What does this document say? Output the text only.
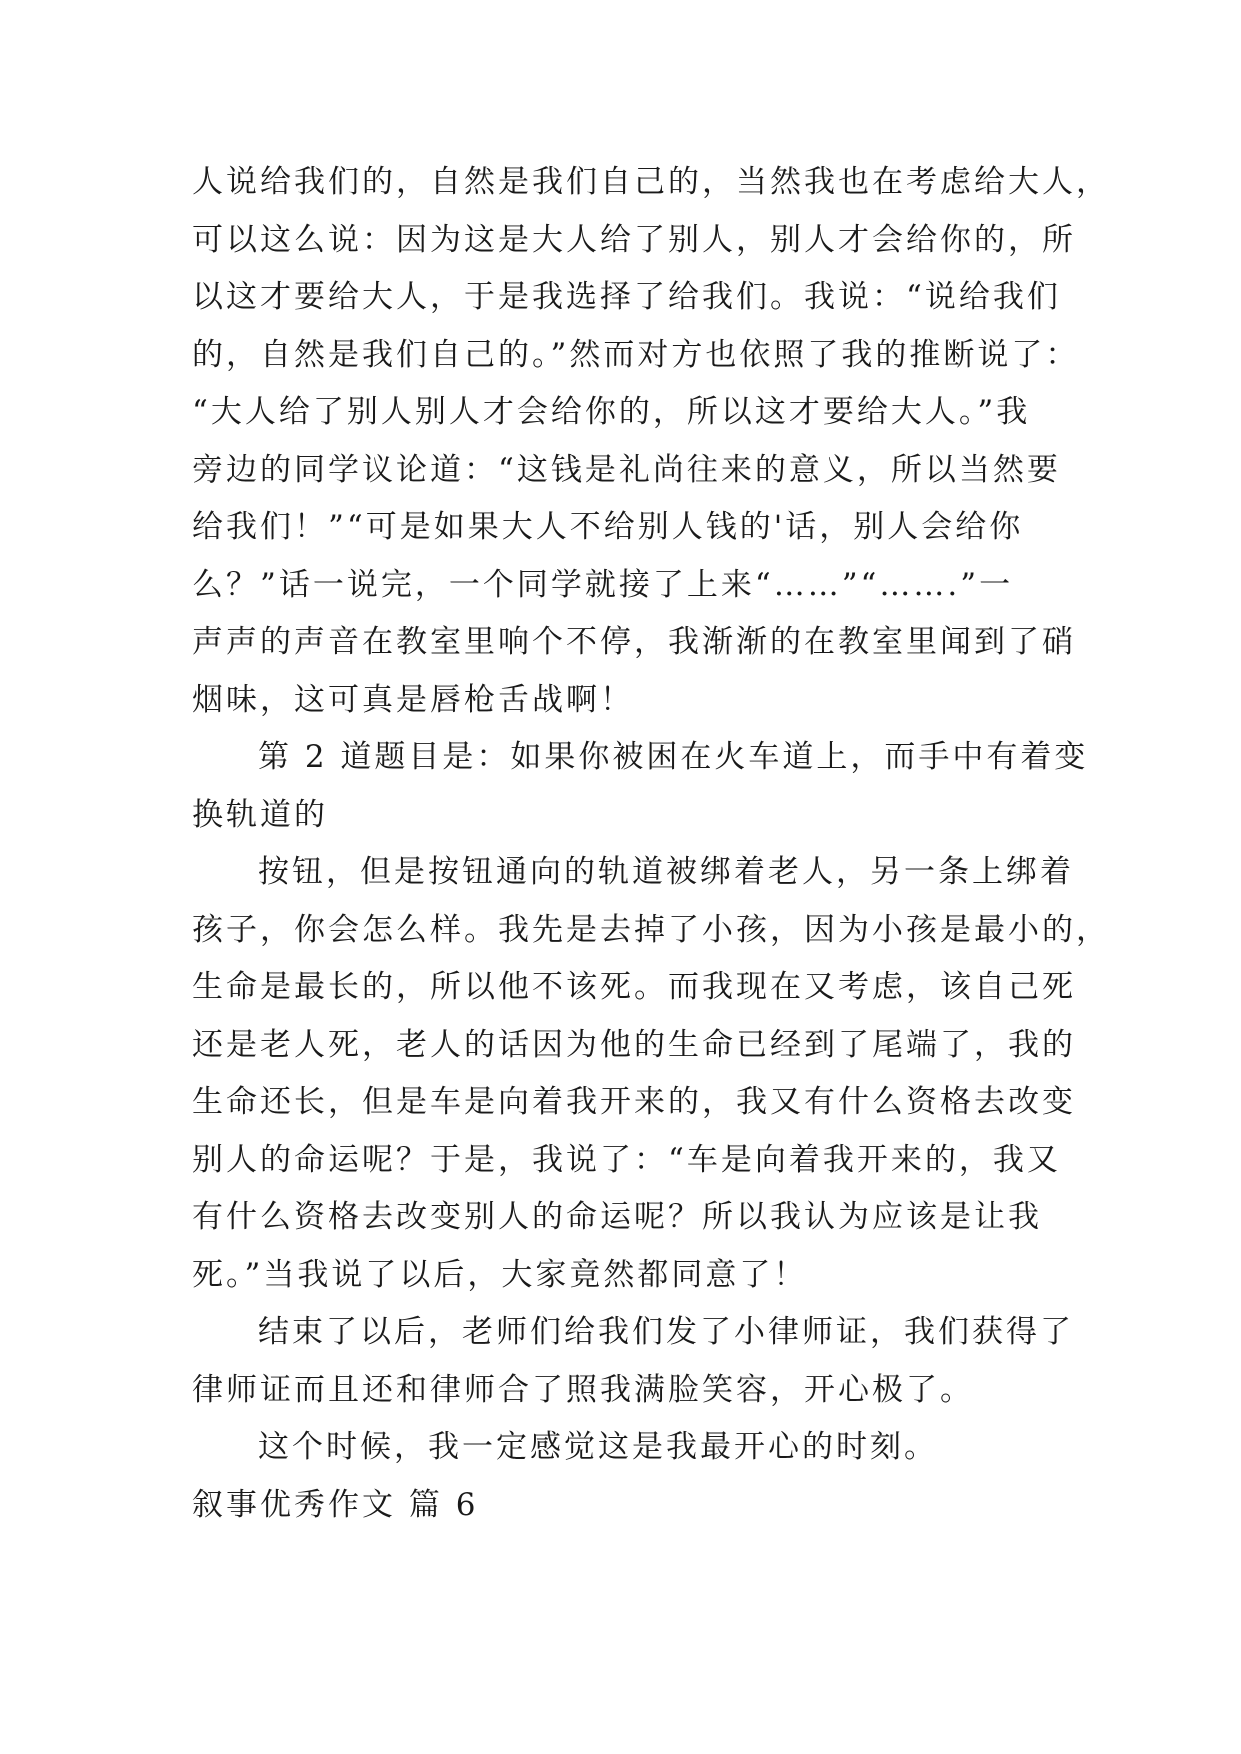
人说给我们的，自然是我们自己的，当然我也在考虑给大人，
可以这么说：因为这是大人给了别人，别人才会给你的，所
以这才要给大人，于是我选择了给我们。我说：“说给我们
的，自然是我们自己的。”然而对方也依照了我的推断说了：
“大人给了别人别人才会给你的，所以这才要给大人。”我
旁边的同学议论道：“这钱是礼尚往来的意义，所以当然要
给我们！”“可是如果大人不给别人钱的'话，别人会给你
么？”话一说完，一个同学就接了上来“……”“…….”一
声声的声音在教室里响个不停，我渐渐的在教室里闻到了硝
烟味，这可真是唇枪舌战啊！

第 2 道题目是：如果你被困在火车道上，而手中有着变
换轨道的

按钮，但是按钮通向的轨道被绑着老人，另一条上绑着
孩子，你会怎么样。我先是去掉了小孩，因为小孩是最小的，
生命是最长的，所以他不该死。而我现在又考虑，该自己死
还是老人死，老人的话因为他的生命已经到了尾端了，我的
生命还长，但是车是向着我开来的，我又有什么资格去改变
别人的命运呢？于是，我说了：“车是向着我开来的，我又
有什么资格去改变别人的命运呢？所以我认为应该是让我
死。”当我说了以后，大家竟然都同意了！

结束了以后，老师们给我们发了小律师证，我们获得了
律师证而且还和律师合了照我满脸笑容，开心极了。

这个时候，我一定感觉这是我最开心的时刻。

叙事优秀作文 篇 6
